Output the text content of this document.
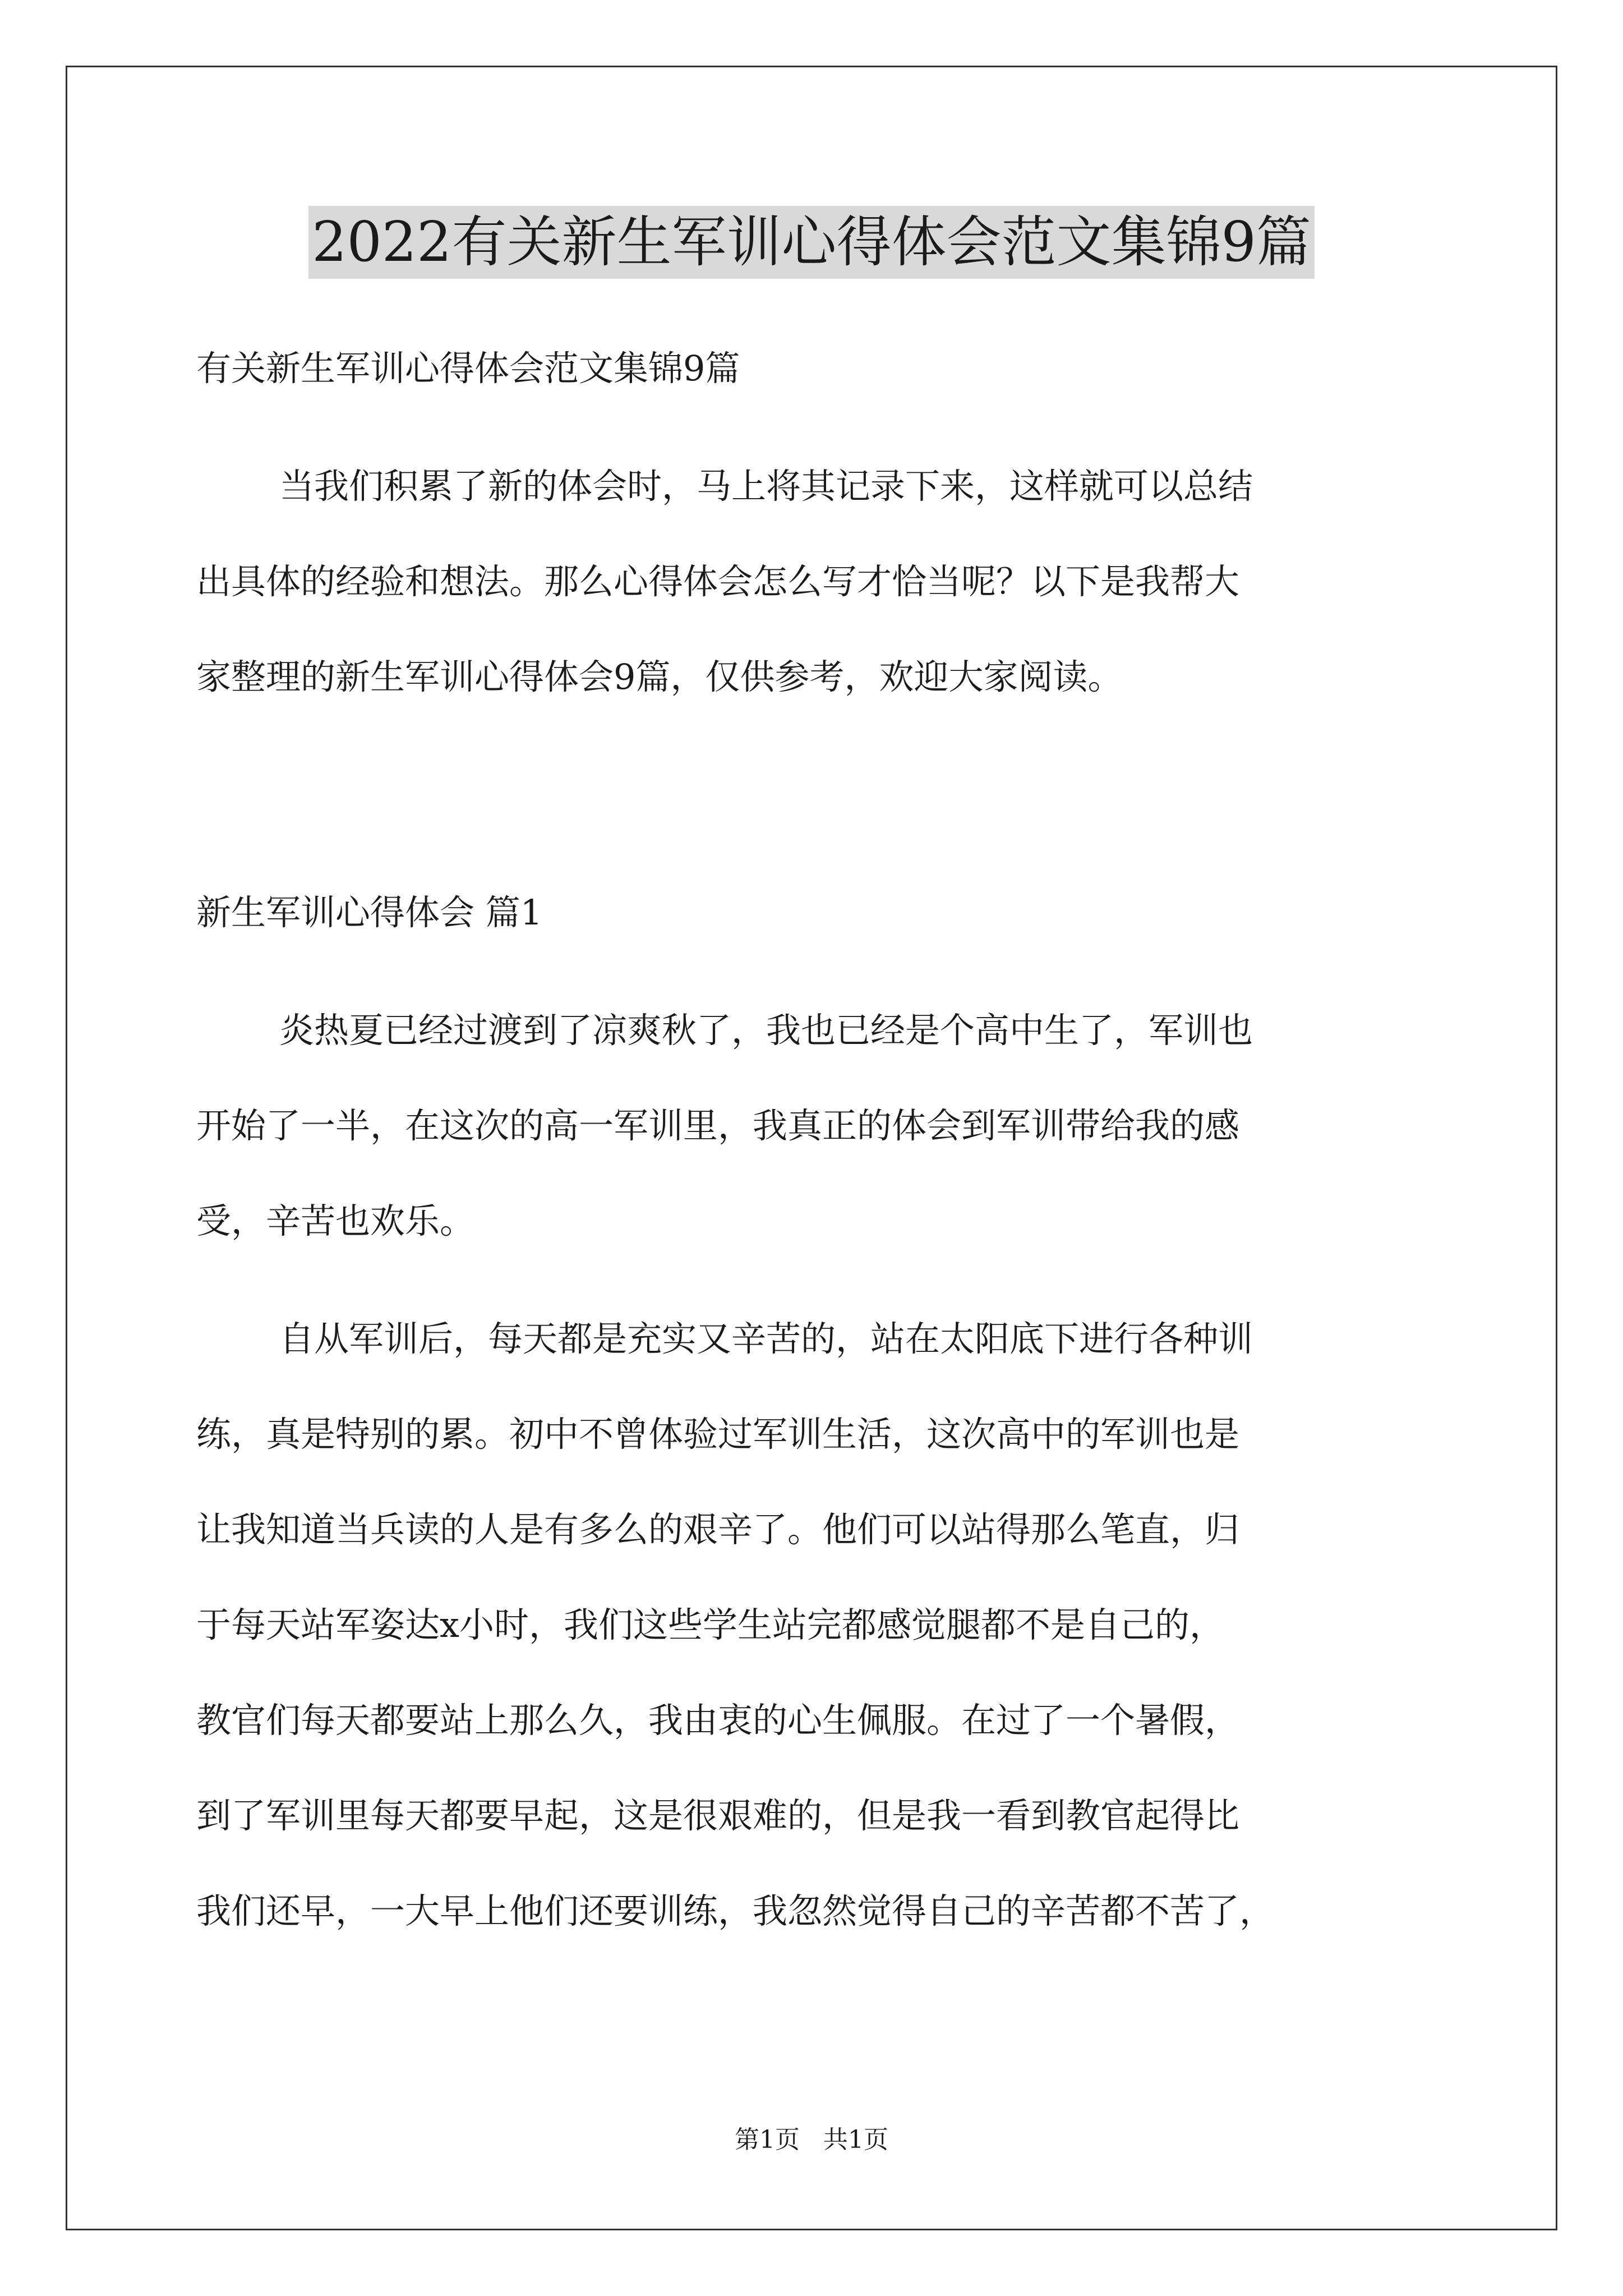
2022有关新生军训心得体会范文集锦9篇

有关新生军训心得体会范文集锦9篇

当我们积累了新的体会时，马上将其记录下来，这样就可以总结
出具体的经验和想法。那么心得体会怎么写才恰当呢？以下是我帮大
家整理的新生军训心得体会9篇，仅供参考，欢迎大家阅读。

新生军训心得体会 篇1

炎热夏已经过渡到了凉爽秋了，我也已经是个高中生了，军训也
开始了一半，在这次的高一军训里，我真正的体会到军训带给我的感
受，辛苦也欢乐。
自从军训后，每天都是充实又辛苦的，站在太阳底下进行各种训
练，真是特别的累。初中不曾体验过军训生活，这次高中的军训也是
让我知道当兵读的人是有多么的艰辛了。他们可以站得那么笔直，归
于每天站军姿达x小时，我们这些学生站完都感觉腿都不是自己的，
教官们每天都要站上那么久，我由衷的心生佩服。在过了一个暑假，
到了军训里每天都要早起，这是很艰难的，但是我一看到教官起得比
我们还早，一大早上他们还要训练，我忽然觉得自己的辛苦都不苦了，
第1页   共1页
